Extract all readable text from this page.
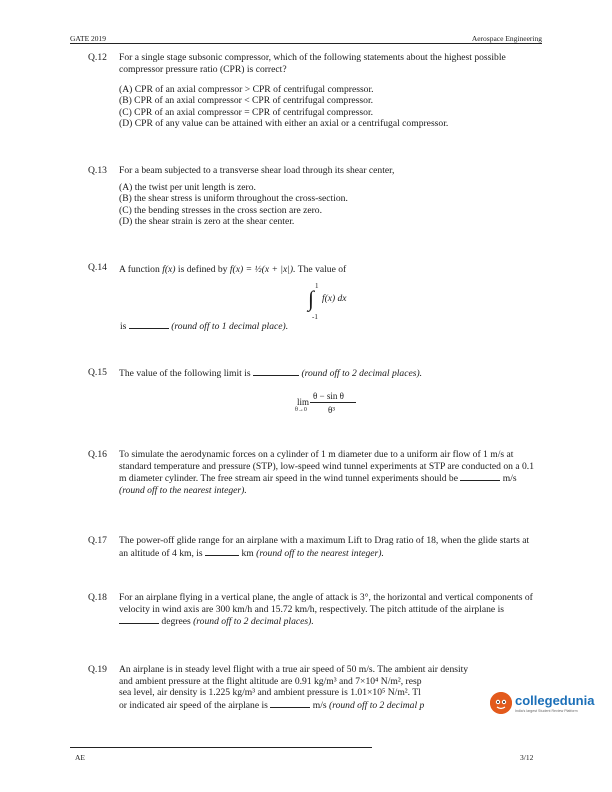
GATE 2019	Aerospace Engineering
Q.12 For a single stage subsonic compressor, which of the following statements about the highest possible compressor pressure ratio (CPR) is correct?
(A) CPR of an axial compressor > CPR of centrifugal compressor.
(B) CPR of an axial compressor < CPR of centrifugal compressor.
(C) CPR of an axial compressor = CPR of centrifugal compressor.
(D) CPR of any value can be attained with either an axial or a centrifugal compressor.
Q.13 For a beam subjected to a transverse shear load through its shear center,
(A) the twist per unit length is zero.
(B) the shear stress is uniform throughout the cross-section.
(C) the bending stresses in the cross section are zero.
(D) the shear strain is zero at the shear center.
Q.14 A function f(x) is defined by f(x) = ½(x + |x|). The value of
1
∫ f(x) dx
-1
is	(round off to 1 decimal place).
Q.15 The value of the following limit is	(round off to 2 decimal places).
θ − sin θ
lim
θ→0 θ³
Q.16 To simulate the aerodynamic forces on a cylinder of 1 m diameter due to a uniform air flow of 1 m/s at standard temperature and pressure (STP), low-speed wind tunnel experiments at STP are conducted on a 0.1 m diameter cylinder. The free stream air speed in the wind tunnel experiments should be	m/s (round off to the nearest integer).
Q.17 The power-off glide range for an airplane with a maximum Lift to Drag ratio of 18, when the glide starts at an altitude of 4 km, is	km (round off to the nearest integer).
Q.18 For an airplane flying in a vertical plane, the angle of attack is 3°, the horizontal and vertical components of velocity in wind axis are 300 km/h and 15.72 km/h, respectively. The pitch attitude of the airplane is  degrees (round off to 2 decimal places).
Q.19 An airplane is in steady level flight with a true air speed of 50 m/s. The ambient air density
and ambient pressure at the flight altitude are 0.91 kg/m³ and 7×10⁴ N/m², resp
sea level, air density is 1.225 kg/m³ and ambient pressure is 1.01×10⁵ N/m². Tl
or indicated air speed of the airplane is	m/s (round off to 2 decimal p	collegedunia
India's largest Student Review Platform
AE	3/12
